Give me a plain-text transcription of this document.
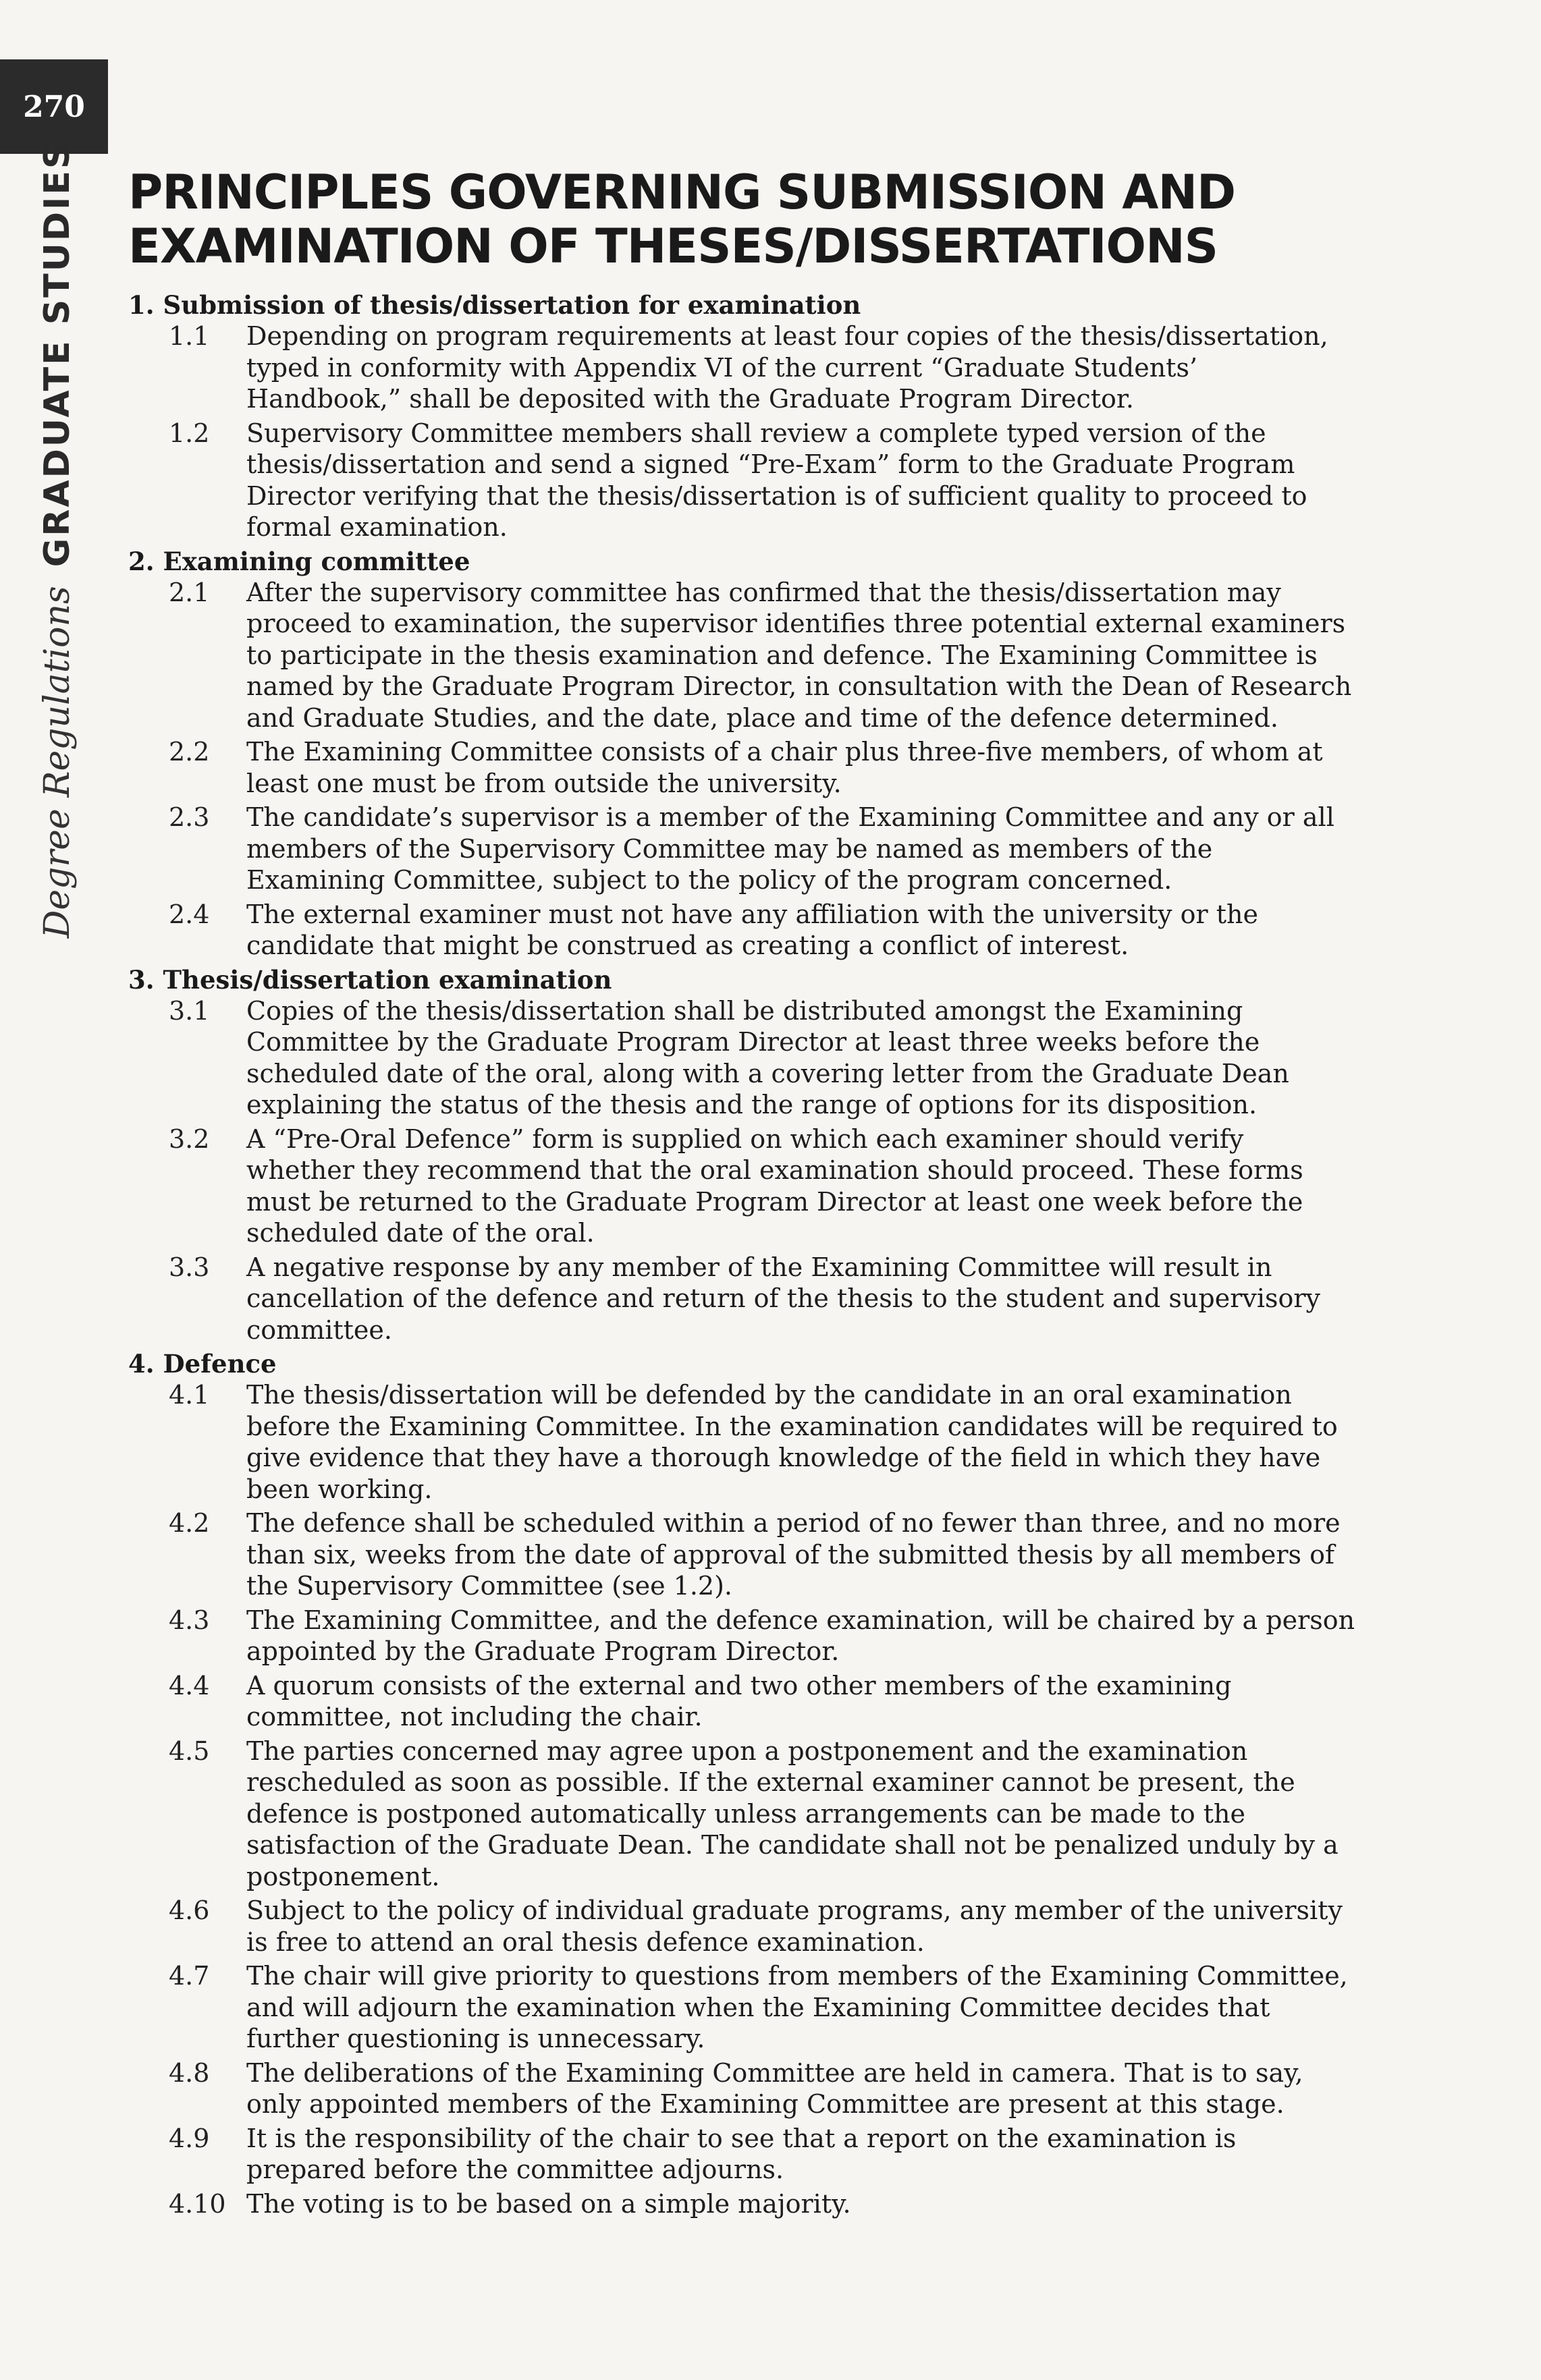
270
Degree RegulationsGRADUATE STUDIES PRINCIPLES GOVERNING SUBMISSION AND
EXAMINATION OF THESES/DISSERTATIONS
1. Submission of thesis/dissertation for examination
1.1	Depending on program requirements at least four copies of the thesis/dissertation, typed in conformity with Appendix VI of the current “Graduate Students’ Handbook,” shall be deposited with the Graduate Program Director.
1.2	Supervisory Committee members shall review a complete typed version of the thesis/dissertation and send a signed “Pre-Exam” form to the Graduate Program Director verifying that the thesis/dissertation is of sufficient quality to proceed to formal examination.
2. Examining committee
2.1	After the supervisory committee has confirmed that the thesis/dissertation may proceed to examination, the supervisor identifies three potential external examiners to participate in the thesis examination and defence. The Examining Committee is named by the Graduate Program Director, in consultation with the Dean of Research and Graduate Studies, and the date, place and time of the defence determined.
2.2	The Examining Committee consists of a chair plus three-five members, of whom at least one must be from outside the university.
2.3	The candidate’s supervisor is a member of the Examining Committee and any or all members of the Supervisory Committee may be named as members of the Examining Committee, subject to the policy of the program concerned.
2.4	The external examiner must not have any affiliation with the university or the candidate that might be construed as creating a conflict of interest.
3. Thesis/dissertation examination
3.1	Copies of the thesis/dissertation shall be distributed amongst the Examining Committee by the Graduate Program Director at least three weeks before the scheduled date of the oral, along with a covering letter from the Graduate Dean explaining the status of the thesis and the range of options for its disposition.
3.2	A “Pre-Oral Defence” form is supplied on which each examiner should verify whether they recommend that the oral examination should proceed. These forms must be returned to the Graduate Program Director at least one week before the scheduled date of the oral.
3.3	A negative response by any member of the Examining Committee will result in cancellation of the defence and return of the thesis to the student and supervisory committee.
4. Defence
4.1	The thesis/dissertation will be defended by the candidate in an oral examination before the Examining Committee. In the examination candidates will be required to give evidence that they have a thorough knowledge of the field in which they have been working.
4.2	The defence shall be scheduled within a period of no fewer than three, and no more than six, weeks from the date of approval of the submitted thesis by all members of the Supervisory Committee (see 1.2).
4.3	The Examining Committee, and the defence examination, will be chaired by a person appointed by the Graduate Program Director.
4.4	A quorum consists of the external and two other members of the examining committee, not including the chair.
4.5	The parties concerned may agree upon a postponement and the examination rescheduled as soon as possible. If the external examiner cannot be present, the defence is postponed automatically unless arrangements can be made to the satisfaction of the Graduate Dean. The candidate shall not be penalized unduly by a postponement.
4.6	Subject to the policy of individual graduate programs, any member of the university is free to attend an oral thesis defence examination.
4.7	The chair will give priority to questions from members of the Examining Committee, and will adjourn the examination when the Examining Committee decides that further questioning is unnecessary.
4.8	The deliberations of the Examining Committee are held in camera. That is to say, only appointed members of the Examining Committee are present at this stage.
4.9	It is the responsibility of the chair to see that a report on the examination is prepared before the committee adjourns.
4.10 The voting is to be based on a simple majority.
